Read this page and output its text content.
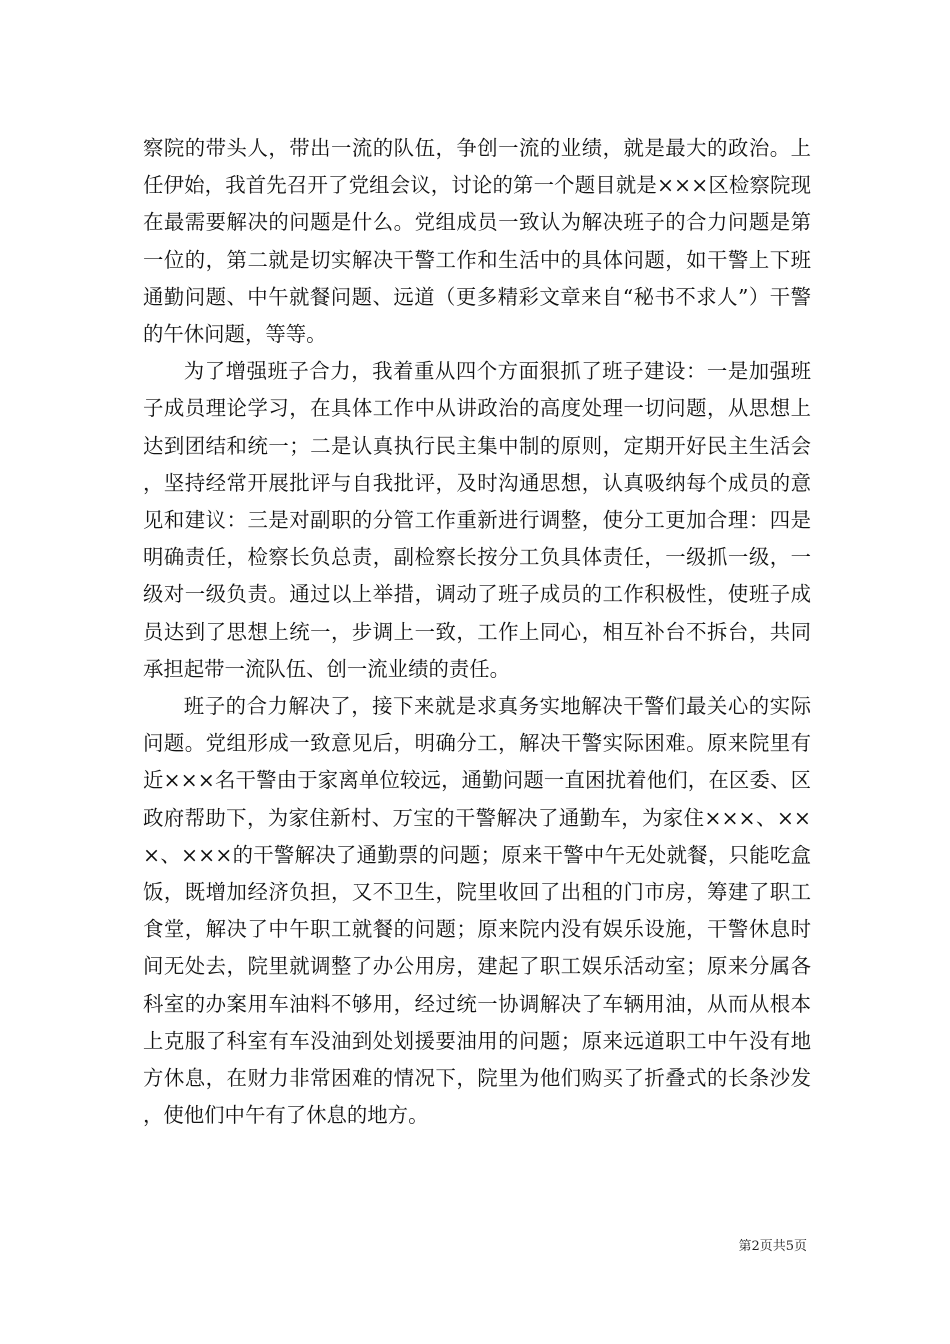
察院的带头人，带出一流的队伍，争创一流的业绩，就是最大的政治。上任伊始，我首先召开了党组会议，讨论的第一个题目就是×××区检察院现在最需要解决的问题是什么。党组成员一致认为解决班子的合力问题是第一位的，第二就是切实解决干警工作和生活中的具体问题，如干警上下班通勤问题、中午就餐问题、远道（更多精彩文章来自“秘书不求人”）干警的午休问题，等等。

为了增强班子合力，我着重从四个方面狠抓了班子建设：一是加强班子成员理论学习，在具体工作中从讲政治的高度处理一切问题，从思想上达到团结和统一；二是认真执行民主集中制的原则，定期开好民主生活会，坚持经常开展批评与自我批评，及时沟通思想，认真吸纳每个成员的意见和建议：三是对副职的分管工作重新进行调整，使分工更加合理：四是明确责任，检察长负总责，副检察长按分工负具体责任，一级抓一级，一级对一级负责。通过以上举措，调动了班子成员的工作积极性，使班子成员达到了思想上统一，步调上一致，工作上同心，相互补台不拆台，共同承担起带一流队伍、创一流业绩的责任。

班子的合力解决了，接下来就是求真务实地解决干警们最关心的实际问题。党组形成一致意见后，明确分工，解决干警实际困难。原来院里有近×××名干警由于家离单位较远，通勤问题一直困扰着他们，在区委、区政府帮助下，为家住新村、万宝的干警解决了通勤车，为家住×××、×××、×××的干警解决了通勤票的问题；原来干警中午无处就餐，只能吃盒饭，既增加经济负担，又不卫生，院里收回了出租的门市房，筹建了职工食堂，解决了中午职工就餐的问题；原来院内没有娱乐设施，干警休息时间无处去，院里就调整了办公用房，建起了职工娱乐活动室；原来分属各科室的办案用车油料不够用，经过统一协调解决了车辆用油，从而从根本上克服了科室有车没油到处划援要油用的问题；原来远道职工中午没有地方休息，在财力非常困难的情况下，院里为他们购买了折叠式的长条沙发，使他们中午有了休息的地方。

第2页共5页
